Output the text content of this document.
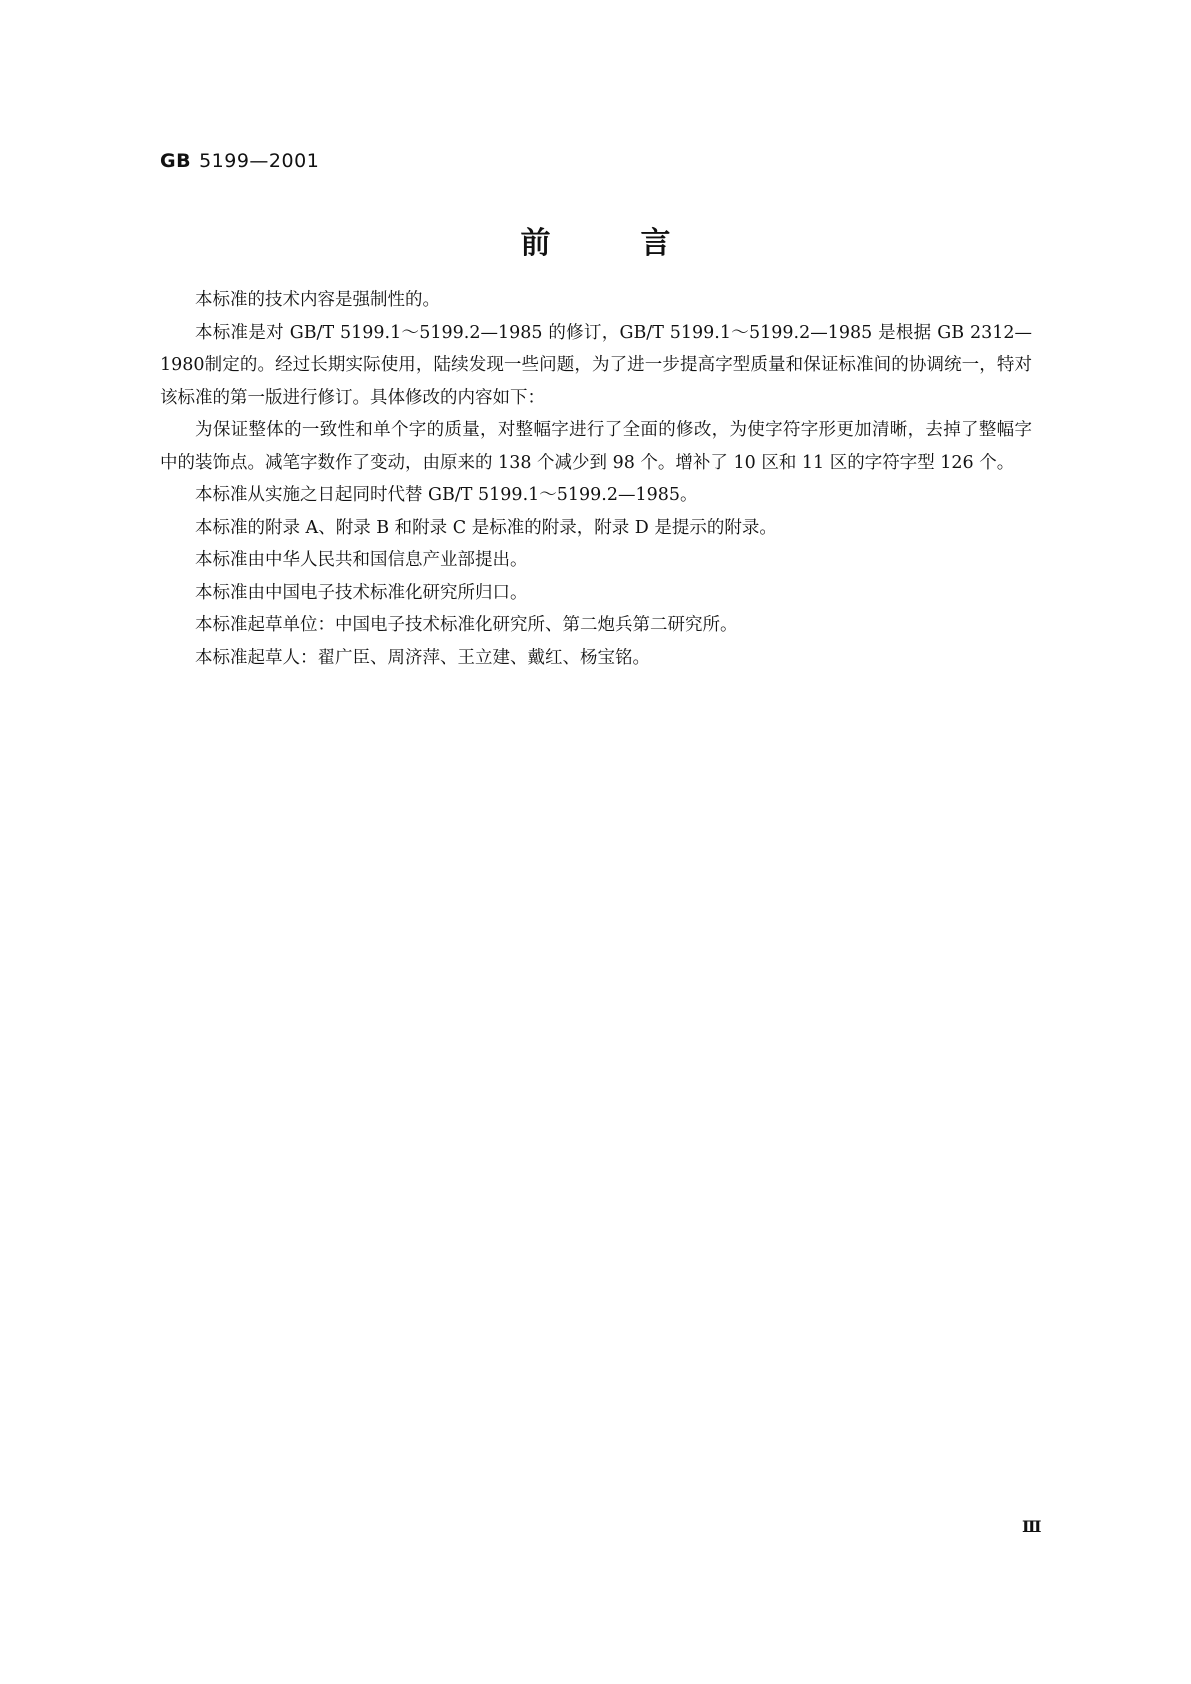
GB 5199—2001
前言

本标准的技术内容是强制性的。

本标准是对 GB/T 5199.1～5199.2—1985 的修订，GB/T 5199.1～5199.2—1985 是根据 GB 2312—1980制定的。经过长期实际使用，陆续发现一些问题，为了进一步提高字型质量和保证标准间的协调统一，特对该标准的第一版进行修订。具体修改的内容如下：

为保证整体的一致性和单个字的质量，对整幅字进行了全面的修改，为使字符字形更加清晰，去掉了整幅字中的装饰点。减笔字数作了变动，由原来的 138 个减少到 98 个。增补了 10 区和 11 区的字符字型 126 个。

本标准从实施之日起同时代替 GB/T 5199.1～5199.2—1985。

本标准的附录 A、附录 B 和附录 C 是标准的附录，附录 D 是提示的附录。

本标准由中华人民共和国信息产业部提出。

本标准由中国电子技术标准化研究所归口。

本标准起草单位：中国电子技术标准化研究所、第二炮兵第二研究所。

本标准起草人：翟广臣、周济萍、王立建、戴红、杨宝铭。

Ⅲ
